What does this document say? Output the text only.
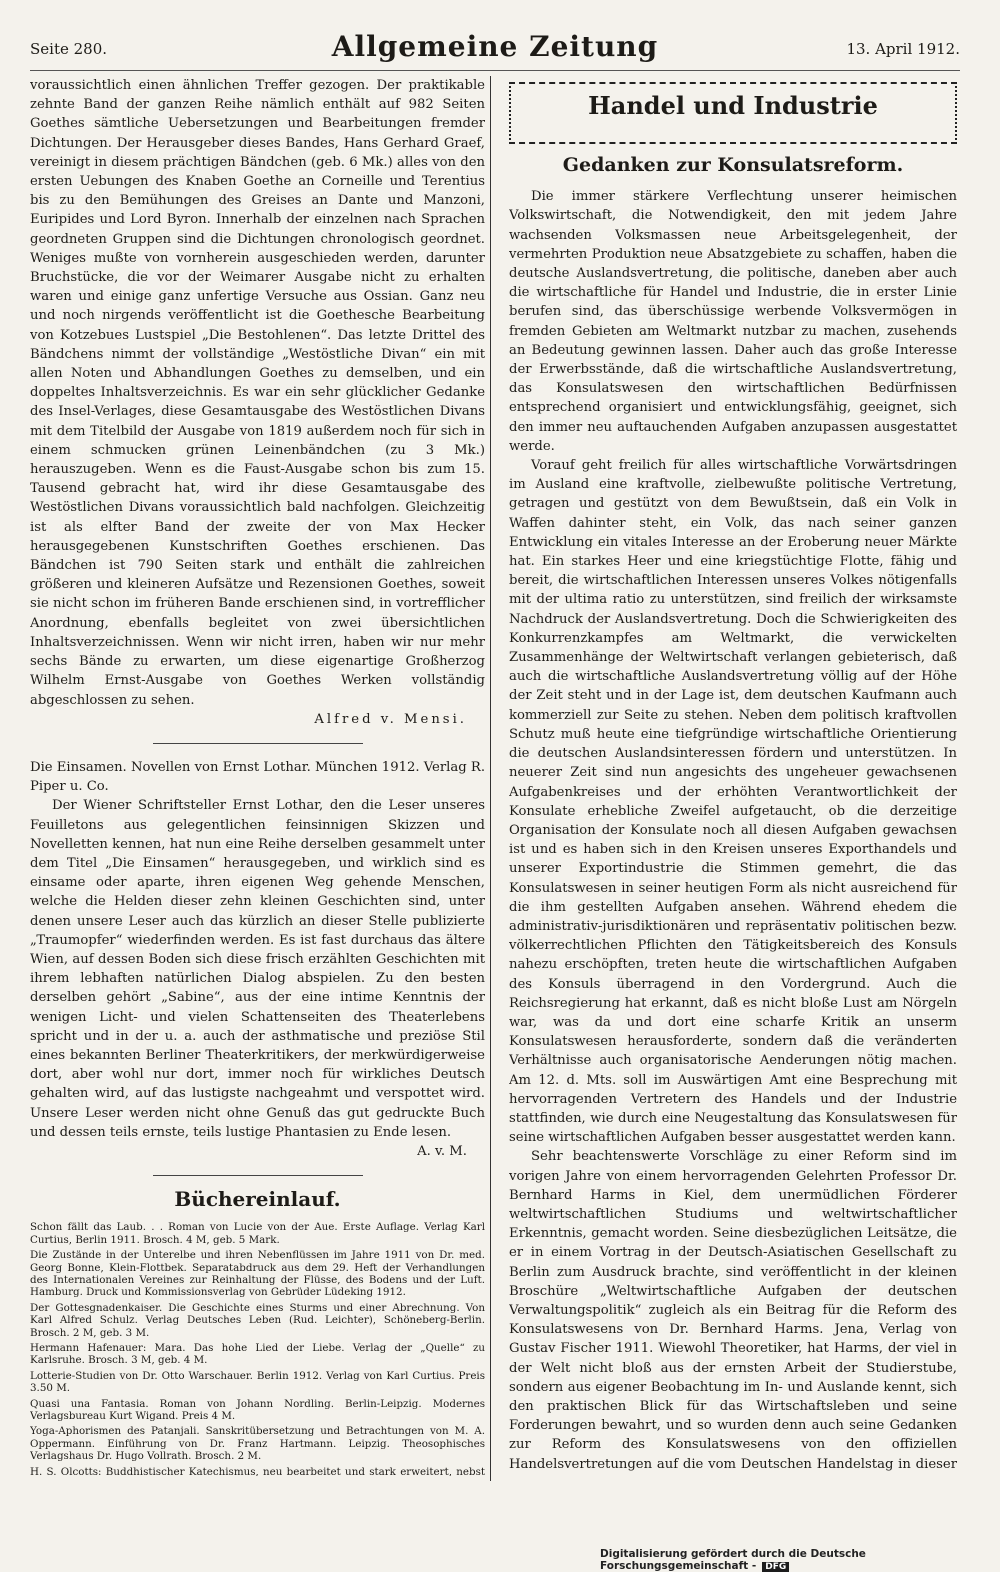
Seite 280.	Allgemeine Zeitung	13. April 1912.

voraussichtlich einen ähnlichen Treffer gezogen. Der praktikable zehnte Band der ganzen Reihe nämlich enthält auf 982 Seiten Goethes sämtliche Uebersetzungen und Bearbeitungen fremder Dichtungen. Der Herausgeber dieses Bandes, Hans Gerhard Graef, vereinigt in diesem prächtigen Bändchen (geb. 6 Mk.) alles von den ersten Uebungen des Knaben Goethe an Corneille und Terentius bis zu den Bemühungen des Greises an Dante und Manzoni, Euripides und Lord Byron. Innerhalb der einzelnen nach Sprachen geordneten Gruppen sind die Dichtungen chronologisch geordnet. Weniges mußte von vornherein ausgeschieden werden, darunter Bruchstücke, die vor der Weimarer Ausgabe nicht zu erhalten waren und einige ganz unfertige Versuche aus Ossian. Ganz neu und noch nirgends veröffentlicht ist die Goethesche Bearbeitung von Kotzebues Lustspiel „Die Bestohlenen“. Das letzte Drittel des Bändchens nimmt der vollständige „Westöstliche Divan“ ein mit allen Noten und Abhandlungen Goethes zu demselben, und ein doppeltes Inhaltsverzeichnis. Es war ein sehr glücklicher Gedanke des Insel-Verlages, diese Gesamtausgabe des Westöstlichen Divans mit dem Titelbild der Ausgabe von 1819 außerdem noch für sich in einem schmucken grünen Leinenbändchen (zu 3 Mk.) herauszugeben. Wenn es die Faust-Ausgabe schon bis zum 15. Tausend gebracht hat, wird ihr diese Gesamtausgabe des Westöstlichen Divans voraussichtlich bald nachfolgen. Gleichzeitig ist als elfter Band der zweite der von Max Hecker herausgegebenen Kunstschriften Goethes erschienen. Das Bändchen ist 790 Seiten stark und enthält die zahlreichen größeren und kleineren Aufsätze und Rezensionen Goethes, soweit sie nicht schon im früheren Bande erschienen sind, in vortrefflicher Anordnung, ebenfalls begleitet von zwei übersichtlichen Inhaltsverzeichnissen. Wenn wir nicht irren, haben wir nur mehr sechs Bände zu erwarten, um diese eigenartige Großherzog Wilhelm Ernst-Ausgabe von Goethes Werken vollständig abgeschlossen zu sehen.

Alfred v. Mensi.

Die Einsamen. Novellen von Ernst Lothar. München 1912. Verlag R. Piper u. Co.

Der Wiener Schriftsteller Ernst Lothar, den die Leser unseres Feuilletons aus gelegentlichen feinsinnigen Skizzen und Novelletten kennen, hat nun eine Reihe derselben gesammelt unter dem Titel „Die Einsamen“ herausgegeben, und wirklich sind es einsame oder aparte, ihren eigenen Weg gehende Menschen, welche die Helden dieser zehn kleinen Geschichten sind, unter denen unsere Leser auch das kürzlich an dieser Stelle publizierte „Traumopfer“ wiederfinden werden. Es ist fast durchaus das ältere Wien, auf dessen Boden sich diese frisch erzählten Geschichten mit ihrem lebhaften natürlichen Dialog abspielen. Zu den besten derselben gehört „Sabine“, aus der eine intime Kenntnis der wenigen Licht- und vielen Schattenseiten des Theaterlebens spricht und in der u. a. auch der asthmatische und preziöse Stil eines bekannten Berliner Theaterkritikers, der merkwürdigerweise dort, aber wohl nur dort, immer noch für wirkliches Deutsch gehalten wird, auf das lustigste nachgeahmt und verspottet wird. Unsere Leser werden nicht ohne Genuß das gut gedruckte Buch und dessen teils ernste, teils lustige Phantasien zu Ende lesen.

A. v. M.
Büchereinlauf.

Schon fällt das Laub. . . Roman von Lucie von der Aue. Erste Auflage. Verlag Karl Curtius, Berlin 1911. Brosch. 4 M, geb. 5 Mark.

Die Zustände in der Unterelbe und ihren Nebenflüssen im Jahre 1911 von Dr. med. Georg Bonne, Klein-Flottbek. Separatabdruck aus dem 29. Heft der Verhandlungen des Internationalen Vereines zur Reinhaltung der Flüsse, des Bodens und der Luft. Hamburg. Druck und Kommissionsverlag von Gebrüder Lüdeking 1912.

Der Gottesgnadenkaiser. Die Geschichte eines Sturms und einer Abrechnung. Von Karl Alfred Schulz. Verlag Deutsches Leben (Rud. Leichter), Schöneberg-Berlin. Brosch. 2 M, geb. 3 M.

Hermann Hafenauer: Mara. Das hohe Lied der Liebe. Verlag der „Quelle“ zu Karlsruhe. Brosch. 3 M, geb. 4 M.

Lotterie-Studien von Dr. Otto Warschauer. Berlin 1912. Verlag von Karl Curtius. Preis 3.50 M.

Quasi una Fantasia. Roman von Johann Nordling. Berlin-Leipzig. Modernes Verlagsbureau Kurt Wigand. Preis 4 M.

Yoga-Aphorismen des Patanjali. Sanskritübersetzung und Betrachtungen von M. A. Oppermann. Einführung von Dr. Franz Hartmann. Leipzig. Theosophisches Verlagshaus Dr. Hugo Vollrath. Brosch. 2 M.

H. S. Olcotts: Buddhistischer Katechismus, neu bearbeitet und stark erweitert, nebst

Handel und Industrie
Gedanken zur Konsulatsreform.

Die immer stärkere Verflechtung unserer heimischen Volkswirtschaft, die Notwendigkeit, den mit jedem Jahre wachsenden Volksmassen neue Arbeitsgelegenheit, der vermehrten Produktion neue Absatzgebiete zu schaffen, haben die deutsche Auslandsvertretung, die politische, daneben aber auch die wirtschaftliche für Handel und Industrie, die in erster Linie berufen sind, das überschüssige werbende Volksvermögen in fremden Gebieten am Weltmarkt nutzbar zu machen, zusehends an Bedeutung gewinnen lassen. Daher auch das große Interesse der Erwerbsstände, daß die wirtschaftliche Auslandsvertretung, das Konsulatswesen den wirtschaftlichen Bedürfnissen entsprechend organisiert und entwicklungsfähig, geeignet, sich den immer neu auftauchenden Aufgaben anzupassen ausgestattet werde.

Vorauf geht freilich für alles wirtschaftliche Vorwärtsdringen im Ausland eine kraftvolle, zielbewußte politische Vertretung, getragen und gestützt von dem Bewußtsein, daß ein Volk in Waffen dahinter steht, ein Volk, das nach seiner ganzen Entwicklung ein vitales Interesse an der Eroberung neuer Märkte hat. Ein starkes Heer und eine kriegstüchtige Flotte, fähig und bereit, die wirtschaftlichen Interessen unseres Volkes nötigenfalls mit der ultima ratio zu unterstützen, sind freilich der wirksamste Nachdruck der Auslandsvertretung. Doch die Schwierigkeiten des Konkurrenzkampfes am Weltmarkt, die verwickelten Zusammenhänge der Weltwirtschaft verlangen gebieterisch, daß auch die wirtschaftliche Auslandsvertretung völlig auf der Höhe der Zeit steht und in der Lage ist, dem deutschen Kaufmann auch kommerziell zur Seite zu stehen. Neben dem politisch kraftvollen Schutz muß heute eine tiefgründige wirtschaftliche Orientierung die deutschen Auslandsinteressen fördern und unterstützen. In neuerer Zeit sind nun angesichts des ungeheuer gewachsenen Aufgabenkreises und der erhöhten Verantwortlichkeit der Konsulate erhebliche Zweifel aufgetaucht, ob die derzeitige Organisation der Konsulate noch all diesen Aufgaben gewachsen ist und es haben sich in den Kreisen unseres Exporthandels und unserer Exportindustrie die Stimmen gemehrt, die das Konsulatswesen in seiner heutigen Form als nicht ausreichend für die ihm gestellten Aufgaben ansehen. Während ehedem die administrativ-jurisdiktionären und repräsentativ politischen bezw. völkerrechtlichen Pflichten den Tätigkeitsbereich des Konsuls nahezu erschöpften, treten heute die wirtschaftlichen Aufgaben des Konsuls überragend in den Vordergrund. Auch die Reichsregierung hat erkannt, daß es nicht bloße Lust am Nörgeln war, was da und dort eine scharfe Kritik an unserm Konsulatswesen herausforderte, sondern daß die veränderten Verhältnisse auch organisatorische Aenderungen nötig machen. Am 12. d. Mts. soll im Auswärtigen Amt eine Besprechung mit hervorragenden Vertretern des Handels und der Industrie stattfinden, wie durch eine Neugestaltung das Konsulatswesen für seine wirtschaftlichen Aufgaben besser ausgestattet werden kann.

Sehr beachtenswerte Vorschläge zu einer Reform sind im vorigen Jahre von einem hervorragenden Gelehrten Professor Dr. Bernhard Harms in Kiel, dem unermüdlichen Förderer weltwirtschaftlichen Studiums und weltwirtschaftlicher Erkenntnis, gemacht worden. Seine diesbezüglichen Leitsätze, die er in einem Vortrag in der Deutsch-Asiatischen Gesellschaft zu Berlin zum Ausdruck brachte, sind veröffentlicht in der kleinen Broschüre „Weltwirtschaftliche Aufgaben der deutschen Verwaltungspolitik“ zugleich als ein Beitrag für die Reform des Konsulatswesens von Dr. Bernhard Harms. Jena, Verlag von Gustav Fischer 1911. Wiewohl Theoretiker, hat Harms, der viel in der Welt nicht bloß aus der ernsten Arbeit der Studierstube, sondern aus eigener Beobachtung im In- und Auslande kennt, sich den praktischen Blick für das Wirtschaftsleben und seine Forderungen bewahrt, und so wurden denn auch seine Gedanken zur Reform des Konsulatswesens von den offiziellen Handelsvertretungen auf die vom Deutschen Handelstag in dieser

Digitalisierung gefördert durch die Deutsche Forschungsgemeinschaft - DFG
